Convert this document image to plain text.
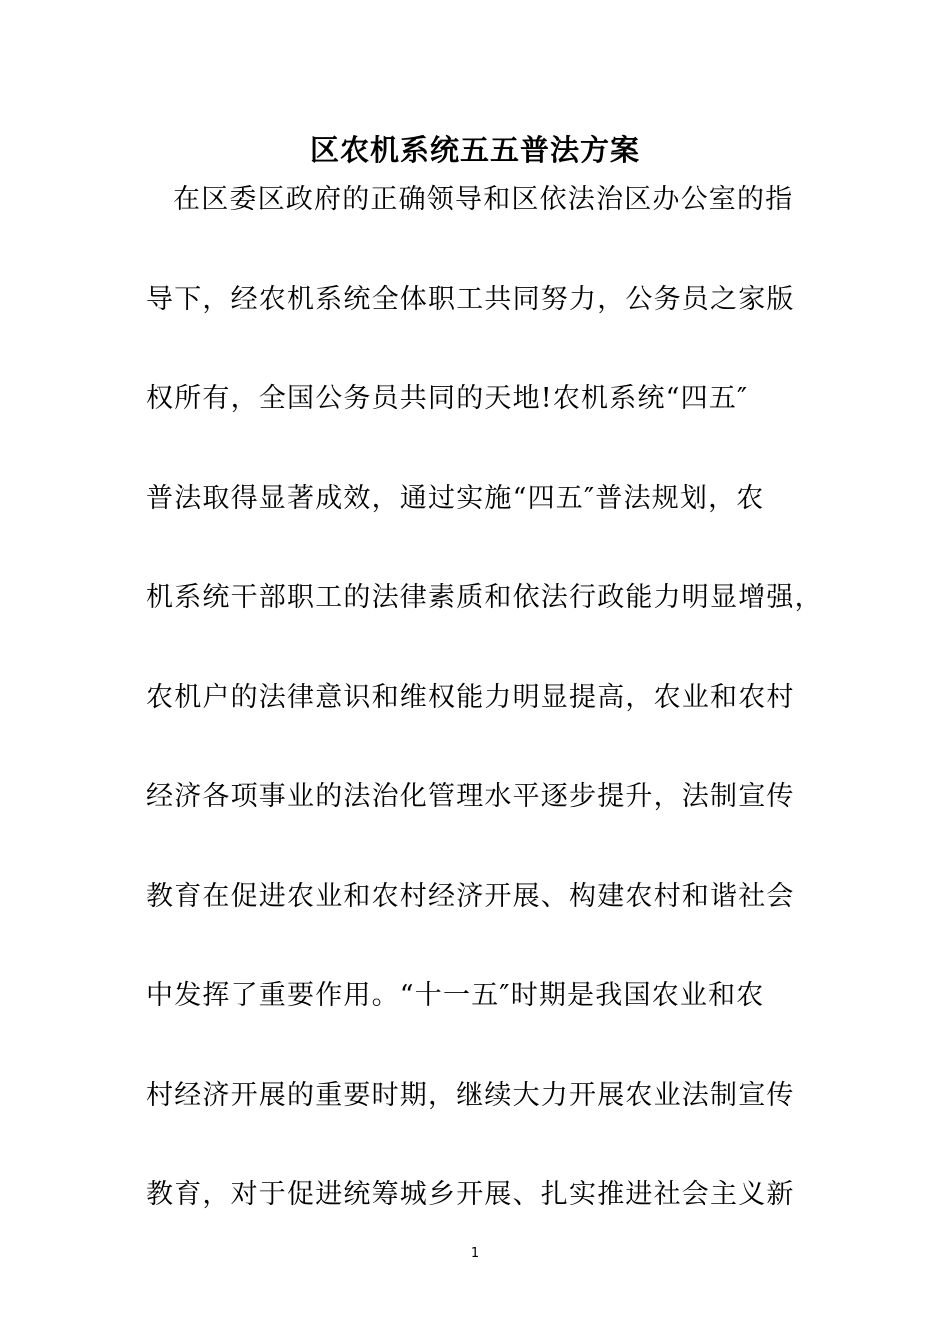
区农机系统五五普法方案
在区委区政府的正确领导和区依法治区办公室的指
导下，经农机系统全体职工共同努力，公务员之家版
权所有，全国公务员共同的天地!农机系统“四五″
普法取得显著成效，通过实施“四五″普法规划，农
机系统干部职工的法律素质和依法行政能力明显增强，
农机户的法律意识和维权能力明显提高，农业和农村
经济各项事业的法治化管理水平逐步提升，法制宣传
教育在促进农业和农村经济开展、构建农村和谐社会
中发挥了重要作用。“十一五″时期是我国农业和农
村经济开展的重要时期，继续大力开展农业法制宣传
教育，对于促进统筹城乡开展、扎实推进社会主义新
1
